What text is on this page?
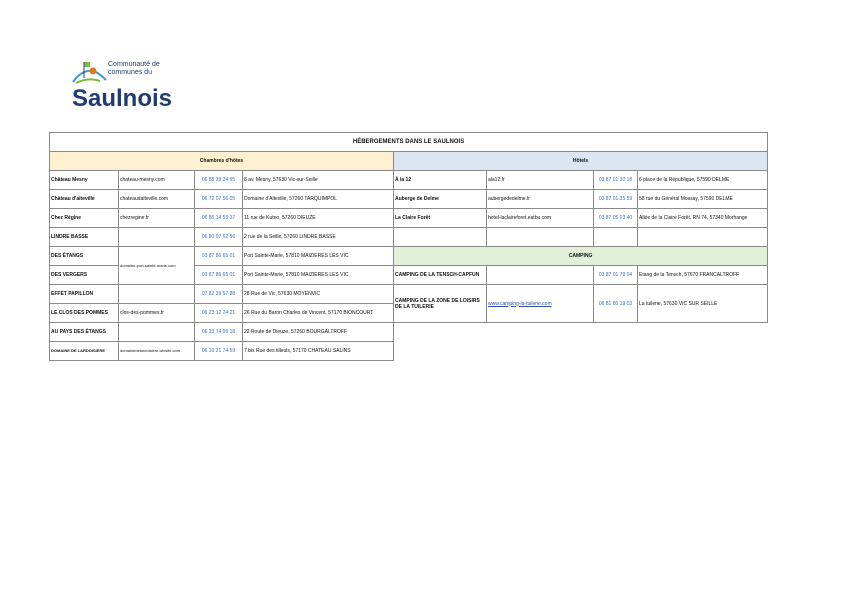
Communauté de
communes du
Saulnois
HÉBERGEMENTS DANS LE SAULNOIS							
Chambres d'hôtes				Hôtels			
Château Mesny	chateau-mesny.com	06 88 29 24 95	8 av. Mesny, 57630 Vic-sur-Seille	À la 12	ala12.fr	03 87 01 30 18	6 place de la République, 57590 DELME
Château d'alteville	chateaudalteville.com	06 72 07 56 05	Domaine d'Alteville, 57260 TARQUIMPOL	Auberge de Delme	aubergededelme.fr	03 87 01 35 59	58 rue du Général Mossay, 57590 DELME
Chez Régine	chezregine.fr	06 86 14 55 37	11 rue de Kutno, 57260 DIEUZE	La Claire Forêt	hotel-laclaireforet.eatbu.com	03 87 05 03 40	Allée de la Claire Forêt, RN 74, 57340 Morhange
LINDRE BASSE		06 80 07 62 56	2 rue de la Seille, 57260 LINDRE BASSE				
DES ÉTANGS	domaine-port-sainte-marie.com	03 87 86 65 01	Port Sainte-Marie, 57810 MAIZIERES LES VIC	CAMPING			
DES VERGERS		03 87 86 65 01	Port Sainte-Marie, 57810 MAIZIERES LES VIC	CAMPING DE LA TENSCH-CAPFUN		03 87 01 79 04	Etang de la Tensch, 57670 FRANCALTROFF
EFFET PAPILLON		07 82 39 57 88	28 Rue de Vic, 57630 MOYENVIC	CAMPING DE LA ZONE DE LOISIRS DE LA TUILERIE	www.camping-la-tuilerie.com	06 81 80 19 03	La tuilerie, 57630 VIC SUR SEILLE
LE CLOS DES POMMES	clos-des-pommes.fr	06 23 12 24 21	26 Rue du Baron Charles de Vincent, 57170 BIONCOURT				
AU PAYS DES ÉTANGS		06 23 74 06 18	22 Route de Dieuze, 57260 BOURGALTROFF				
DOMAINE DE LARDOISIÈRE	domainedelardoisiere.wixsite.com	06 10 21 74 59	7 bis Rue des tilleuls, 57170 CHATEAU SALINS				
